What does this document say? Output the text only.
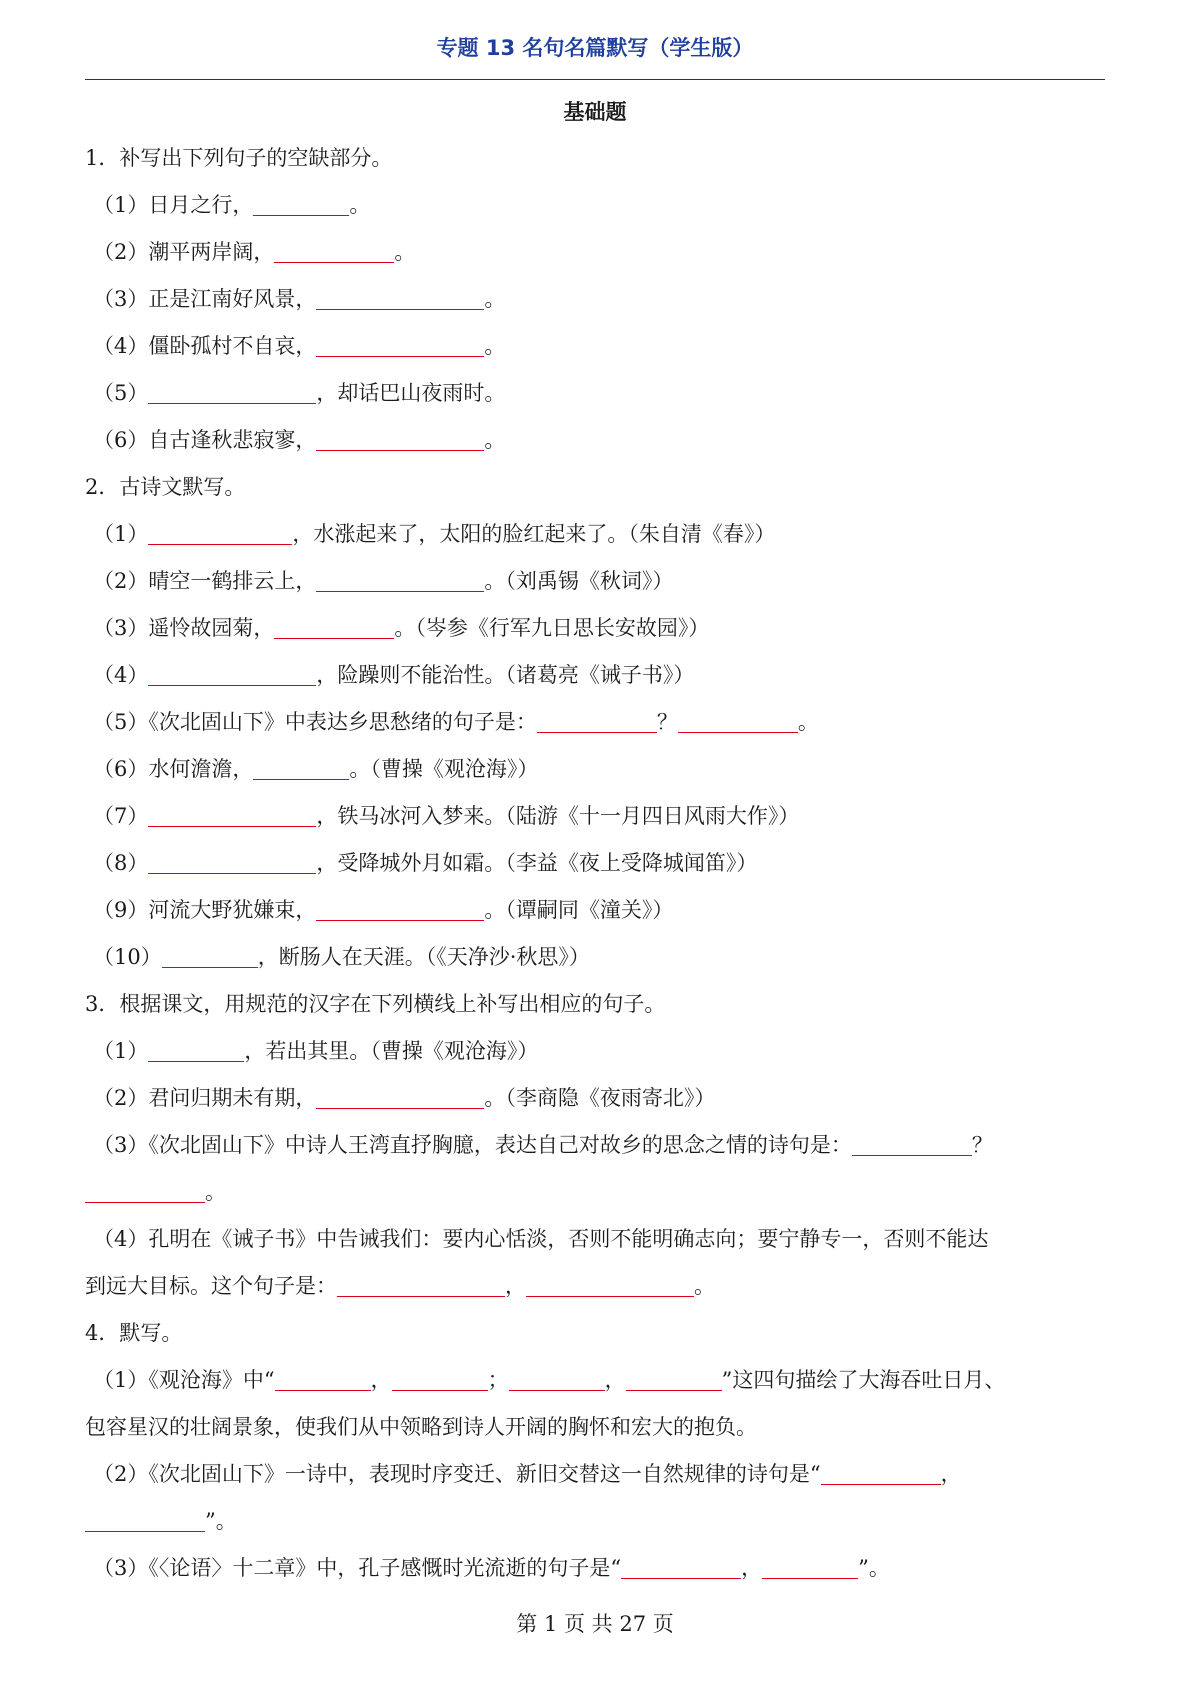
专题 13 名句名篇默写（学生版）
基础题
1．补写出下列句子的空缺部分。
（1）日月之行，	。
（2）潮平两岸阔，	。
（3）正是江南好风景，	。
（4）僵卧孤村不自哀，	。
（5）	，却话巴山夜雨时。
（6）自古逢秋悲寂寥，	。
2．古诗文默写。
（1）	，水涨起来了，太阳的脸红起来了。（朱自清《春》）
（2）晴空一鹤排云上，	。（刘禹锡《秋词》）
（3）遥怜故园菊，	。（岑参《行军九日思长安故园》）
（4）	，险躁则不能治性。（诸葛亮《诫子书》）
（5）《次北固山下》中表达乡思愁绪的句子是：	？	。
（6）水何澹澹，	。（曹操《观沧海》）
（7）	，铁马冰河入梦来。（陆游《十一月四日风雨大作》）
（8）	，受降城外月如霜。（李益《夜上受降城闻笛》）
（9）河流大野犹嫌束，	。（谭嗣同《潼关》）
（10）	，断肠人在天涯。（《天净沙·秋思》）
3．根据课文，用规范的汉字在下列横线上补写出相应的句子。
（1）	，若出其里。（曹操《观沧海》）
（2）君问归期未有期，	。（李商隐《夜雨寄北》）
（3）《次北固山下》中诗人王湾直抒胸臆，表达自己对故乡的思念之情的诗句是：	？
。
（4）孔明在《诫子书》中告诫我们：要内心恬淡，否则不能明确志向；要宁静专一，否则不能达
到远大目标。这个句子是：	，	。
4．默写。
（1）《观沧海》中“	，	；	，	”这四句描绘了大海吞吐日月、
包容星汉的壮阔景象，使我们从中领略到诗人开阔的胸怀和宏大的抱负。
（2）《次北固山下》一诗中，表现时序变迁、新旧交替这一自然规律的诗句是“	，
”。
（3）《〈论语〉十二章》中，孔子感慨时光流逝的句子是“	，	”。
第 1 页 共 27 页
